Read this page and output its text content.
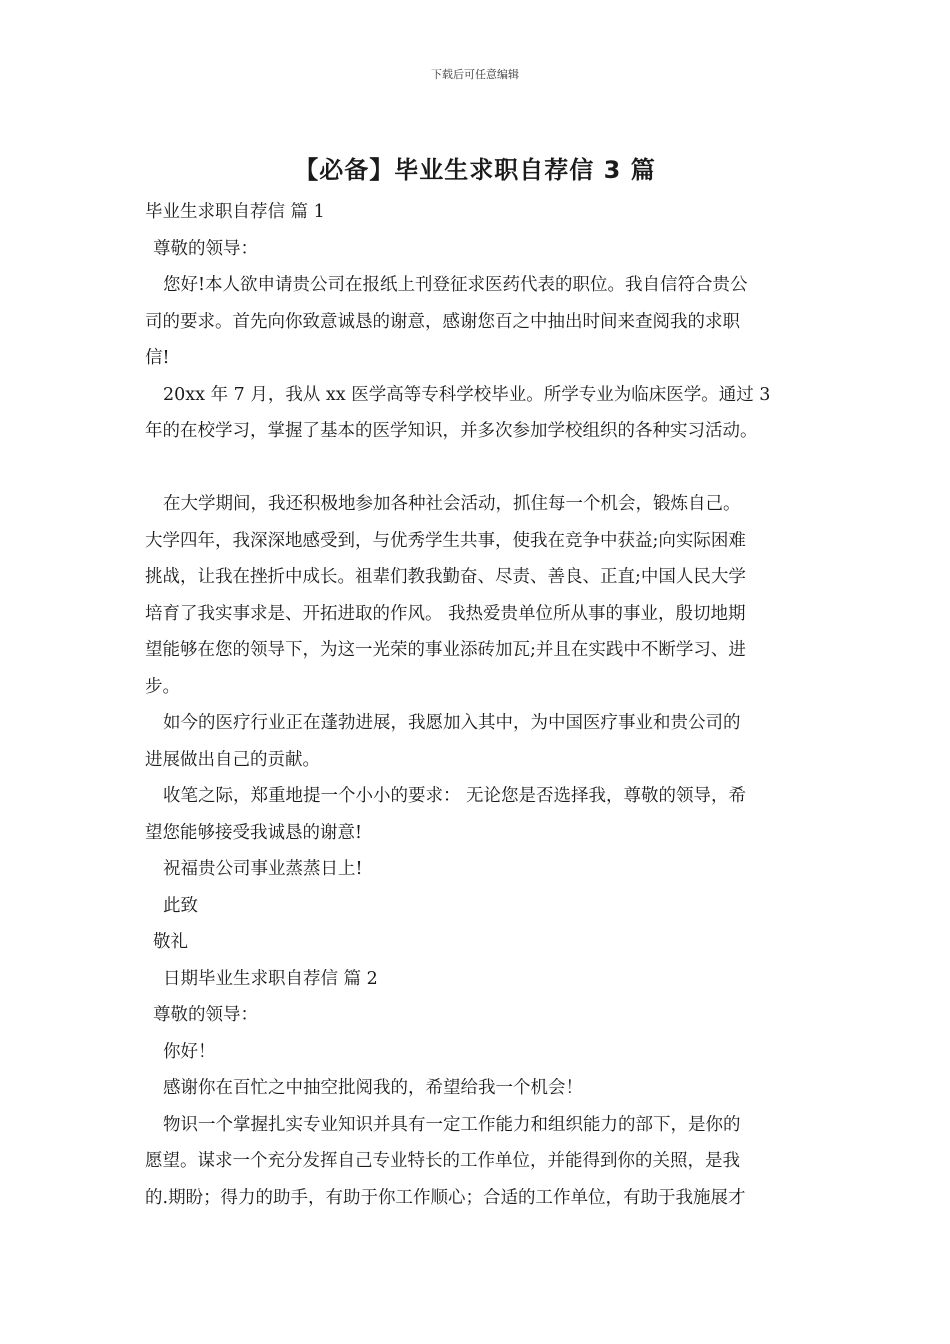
下载后可任意编辑
【必备】毕业生求职自荐信 3 篇
毕业生求职自荐信 篇 1
尊敬的领导：
您好!本人欲申请贵公司在报纸上刊登征求医药代表的职位。我自信符合贵公
司的要求。首先向你致意诚恳的谢意，感谢您百之中抽出时间来查阅我的求职
信!
20xx 年 7 月，我从 xx 医学高等专科学校毕业。所学专业为临床医学。通过 3
年的在校学习，掌握了基本的医学知识，并多次参加学校组织的各种实习活动。
在大学期间，我还积极地参加各种社会活动，抓住每一个机会，锻炼自己。
大学四年，我深深地感受到，与优秀学生共事，使我在竞争中获益;向实际困难
挑战，让我在挫折中成长。祖辈们教我勤奋、尽责、善良、正直;中国人民大学
培育了我实事求是、开拓进取的作风。 我热爱贵单位所从事的事业，殷切地期
望能够在您的领导下，为这一光荣的事业添砖加瓦;并且在实践中不断学习、进
步。
如今的医疗行业正在蓬勃进展，我愿加入其中，为中国医疗事业和贵公司的
进展做出自己的贡献。
收笔之际，郑重地提一个小小的要求： 无论您是否选择我，尊敬的领导，希
望您能够接受我诚恳的谢意!
祝福贵公司事业蒸蒸日上!
此致
敬礼
日期毕业生求职自荐信 篇 2
尊敬的领导：
你好！
感谢你在百忙之中抽空批阅我的，希望给我一个机会！
物识一个掌握扎实专业知识并具有一定工作能力和组织能力的部下，是你的
愿望。谋求一个充分发挥自己专业特长的工作单位，并能得到你的关照，是我
的.期盼；得力的助手，有助于你工作顺心；合适的工作单位，有助于我施展才
